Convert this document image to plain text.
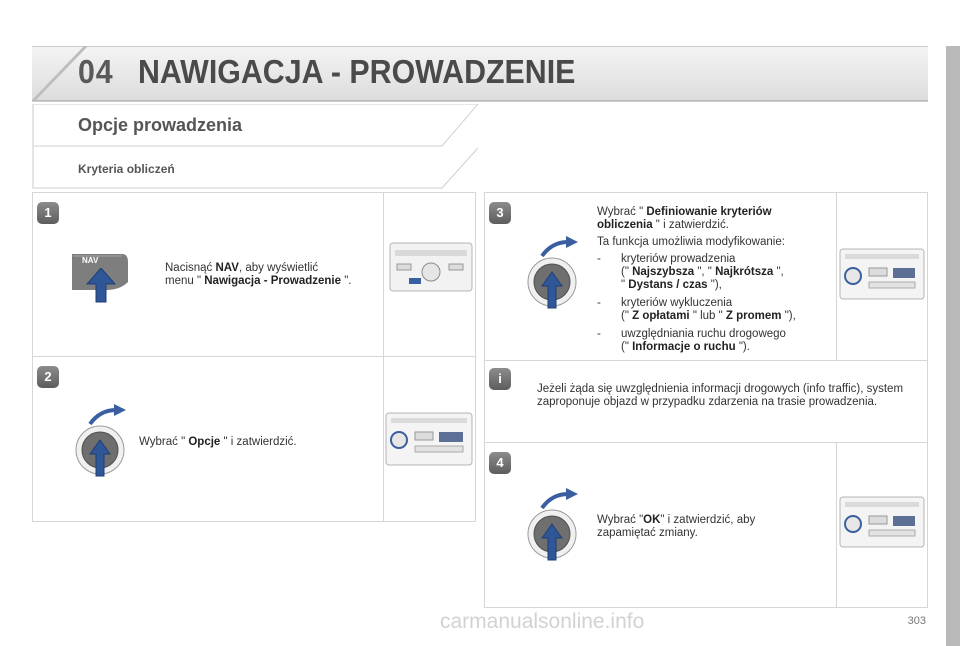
04 NAWIGACJA - PROWADZENIE
Opcje prowadzenia
Kryteria obliczeń
1
NAV
Nacisnąć NAV, aby wyświetlić
menu " Nawigacja - Prowadzenie ".
2
Wybrać " Opcje " i zatwierdzić.
3	Wybrać " Definiowanie kryteriów
obliczenia " i zatwierdzić.
Ta funkcja umożliwia modyfikowanie:
- kryteriów prowadzenia
(" Najszybsza ", " Najkrótsza ",
" Dystans / czas "),
- kryteriów wykluczenia
(" Z opłatami " lub " Z promem "),
- uwzględniania ruchu drogowego
(" Informacje o ruchu ").
i
Jeżeli żąda się uwzględnienia informacji drogowych (info traffic), system zaproponuje objazd w przypadku zdarzenia na trasie prowadzenia.
4
Wybrać "OK" i zatwierdzić, aby
zapamiętać zmiany.
carmanualsonline.info	303
